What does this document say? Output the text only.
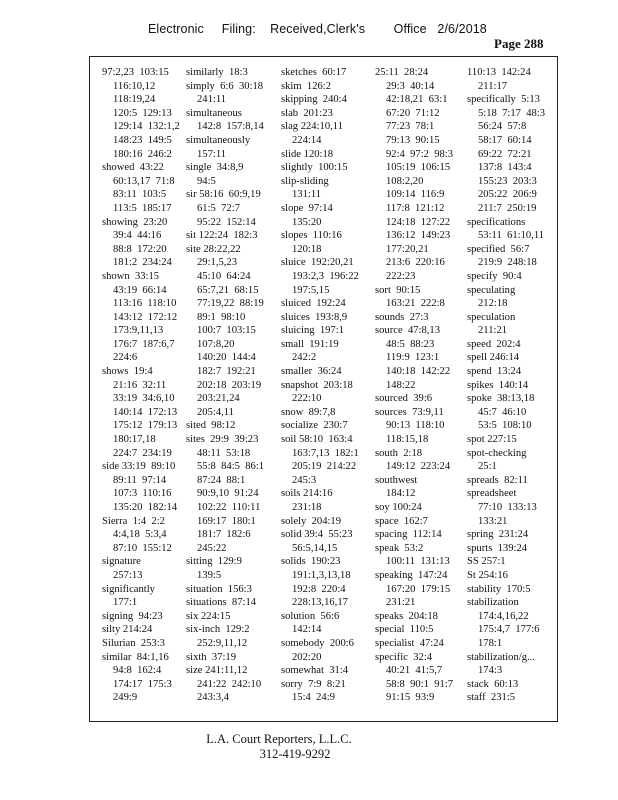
Electronic     Filing:    Received,Clerk's        Office   2/6/2018
Page 288
97:2,23  103:15
116:10,12
118:19,24
120:5  129:13
129:14  132:1,2
148:23  149:5
180:16  246:2
showed  43:22
60:13,17  71:8
83:11  103:5
113:5  185:17
showing  23:20
39:4  44:16
88:8  172:20
181:2  234:24
shown  33:15
43:19  66:14
113:16  118:10
143:12  172:12
173:9,11,13
176:7  187:6,7
224:6
shows  19:4
21:16  32:11
33:19  34:6,10
140:14  172:13
175:12  179:13
180:17,18
224:7  234:19
side 33:19  89:10
89:11  97:14
107:3  110:16
135:20  182:14
Sierra  1:4  2:2
4:4,18  5:3,4
87:10  155:12
signature
257:13
significantly
177:1
signing  94:23
silty 214:24
Silurian  253:3
similar  84:1,16
94:8  162:4
174:17  175:3
249:9
similarly  18:3
simply  6:6  30:18
241:11
simultaneous
142:8  157:8,14
simultaneously
157:11
single  34:8,9
94:5
sir 58:16  60:9,19
61:5  72:7
95:22  152:14
sit 122:24  182:3
site 28:22,22
29:1,5,23
45:10  64:24
65:7,21  68:15
77:19,22  88:19
89:1  98:10
100:7  103:15
107:8,20
140:20  144:4
182:7  192:21
202:18  203:19
203:21,24
205:4,11
sited  98:12
sites  29:9  39:23
48:11  53:18
55:8  84:5  86:1
87:24  88:1
90:9,10  91:24
102:22  110:11
169:17  180:1
181:7  182:6
245:22
sitting  129:9
139:5
situation  156:3
situations  87:14
six 224:15
six-inch  129:2
252:9,11,12
sixth  37:19
size 241:11,12
241:22  242:10
243:3,4
sketches  60:17
skim  126:2
skipping  240:4
slab  201:23
slag 224:10,11
224:14
slide 120:18
slightly  100:15
slip-sliding
131:11
slope  97:14
135:20
slopes  110:16
120:18
sluice  192:20,21
193:2,3  196:22
197:5,15
sluiced  192:24
sluices  193:8,9
sluicing  197:1
small  191:19
242:2
smaller  36:24
snapshot  203:18
222:10
snow  89:7,8
socialize  230:7
soil 58:10  163:4
163:7,13  182:1
205:19  214:22
245:3
soils 214:16
231:18
solely  204:19
solid 39:4  55:23
56:5,14,15
solids  190:23
191:1,3,13,18
192:8  220:4
228:13,16,17
solution  56:6
142:14
somebody  200:6
202:20
somewhat  31:4
sorry  7:9  8:21
15:4  24:9
25:11  28:24
29:3  40:14
42:18,21  63:1
67:20  71:12
77:23  78:1
79:13  90:15
92:4  97:2  98:3
105:19  106:15
108:2,20
109:14  116:9
117:8  121:12
124:18  127:22
136:12  149:23
177:20,21
213:6  220:16
222:23
sort  90:15
163:21  222:8
sounds  27:3
source  47:8,13
48:5  88:23
119:9  123:1
140:18  142:22
148:22
sourced  39:6
sources  73:9,11
90:13  118:10
118:15,18
south  2:18
149:12  223:24
southwest
184:12
soy 100:24
space  162:7
spacing  112:14
speak  53:2
100:11  131:13
speaking  147:24
167:20  179:15
231:21
speaks  204:18
special  110:5
specialist  47:24
specific  32:4
40:21  41:5,7
58:8  90:1  91:7
91:15  93:9
110:13  142:24
211:17
specifically  5:13
5:18  7:17  48:3
56:24  57:8
58:17  60:14
69:22  72:21
137:8  143:4
155:23  203:3
205:22  206:9
211:7  250:19
specifications
53:11  61:10,11
specified  56:7
219:9  248:18
specify  90:4
speculating
212:18
speculation
211:21
speed  202:4
spell 246:14
spend  13:24
spikes  140:14
spoke  38:13,18
45:7  46:10
53:5  108:10
spot 227:15
spot-checking
25:1
spreads  82:11
spreadsheet
77:10  133:13
133:21
spring  231:24
spurts  139:24
SS 257:1
St 254:16
stability  170:5
stabilization
174:4,16,22
175:4,7  177:6
178:1
stabilization/g...
174:3
stack  60:13
staff  231:5
L.A. Court Reporters, L.L.C.
312-419-9292
